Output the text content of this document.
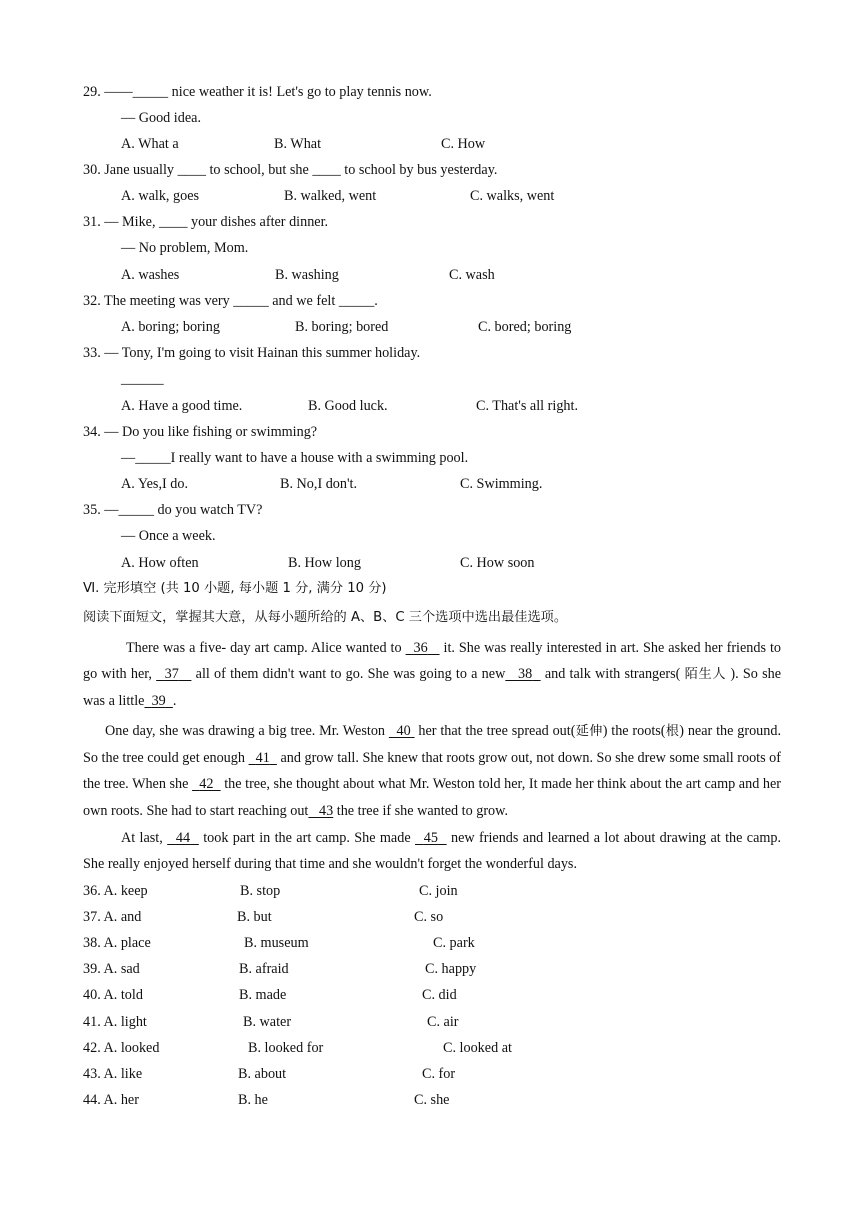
29. ——_____ nice weather it is! Let's go to play tennis now.
— Good idea.
A. What a	B. What	C. How
30. Jane usually ____ to school, but she ____ to school by bus yesterday.
A. walk, goes	B. walked, went	C. walks, went
31. — Mike, ____ your dishes after dinner.
— No problem, Mom.
A. washes	B. washing	C. wash
32. The meeting was very _____ and we felt _____.
A. boring; boring	B. boring; bored	C. bored; boring
33. — Tony, I'm going to visit Hainan this summer holiday.
______
A. Have a good time.	B. Good luck.	C. That's all right.
34. — Do you like fishing or swimming?
—_____I really want to have a house with a swimming pool.
A. Yes,I do.	B. No,I don't.	C. Swimming.
35. —_____ do you watch TV?
— Once a week.
A. How often	B. How long	C. How soon
Ⅵ. 完形填空 (共 10 小题, 每小题 1 分, 满分 10 分)
阅读下面短文，掌握其大意，从每小题所给的 A、B、C 三个选项中选出最佳选项。
There was a five- day art camp. Alice wanted to   36    it. She was really interested in art. She asked her friends to go with her,   37    all of them didn't want to go. She was going to a new 38   and talk with strangers( 陌生人 ). So she was a little 39 .
One day, she was drawing a big tree. Mr. Weston   40  her that the tree spread out(延伸) the roots(根) near the ground. So the tree could get enough   41   and grow tall. She knew that roots grow out, not down. So she drew some small roots of the tree. When she   42   the tree, she thought about what Mr. Weston told her, It made her think about the art camp and her own roots. She had to start reaching out 43 the tree if she wanted to grow.
At last,   44   took part in the art camp. She made   45   new friends and learned a lot about drawing at the camp. She really enjoyed herself during that time and she wouldn't forget the wonderful days.
36. A. keep	B. stop	C. join
37. A. and	B. but	C. so
38. A. place	B. museum	C. park
39. A. sad	B. afraid	C. happy
40. A. told	B. made	C. did
41. A. light	B. water	C. air
42. A. looked	B. looked for	C. looked at
43. A. like	B. about	C. for
44. A. her	B. he	C. she
